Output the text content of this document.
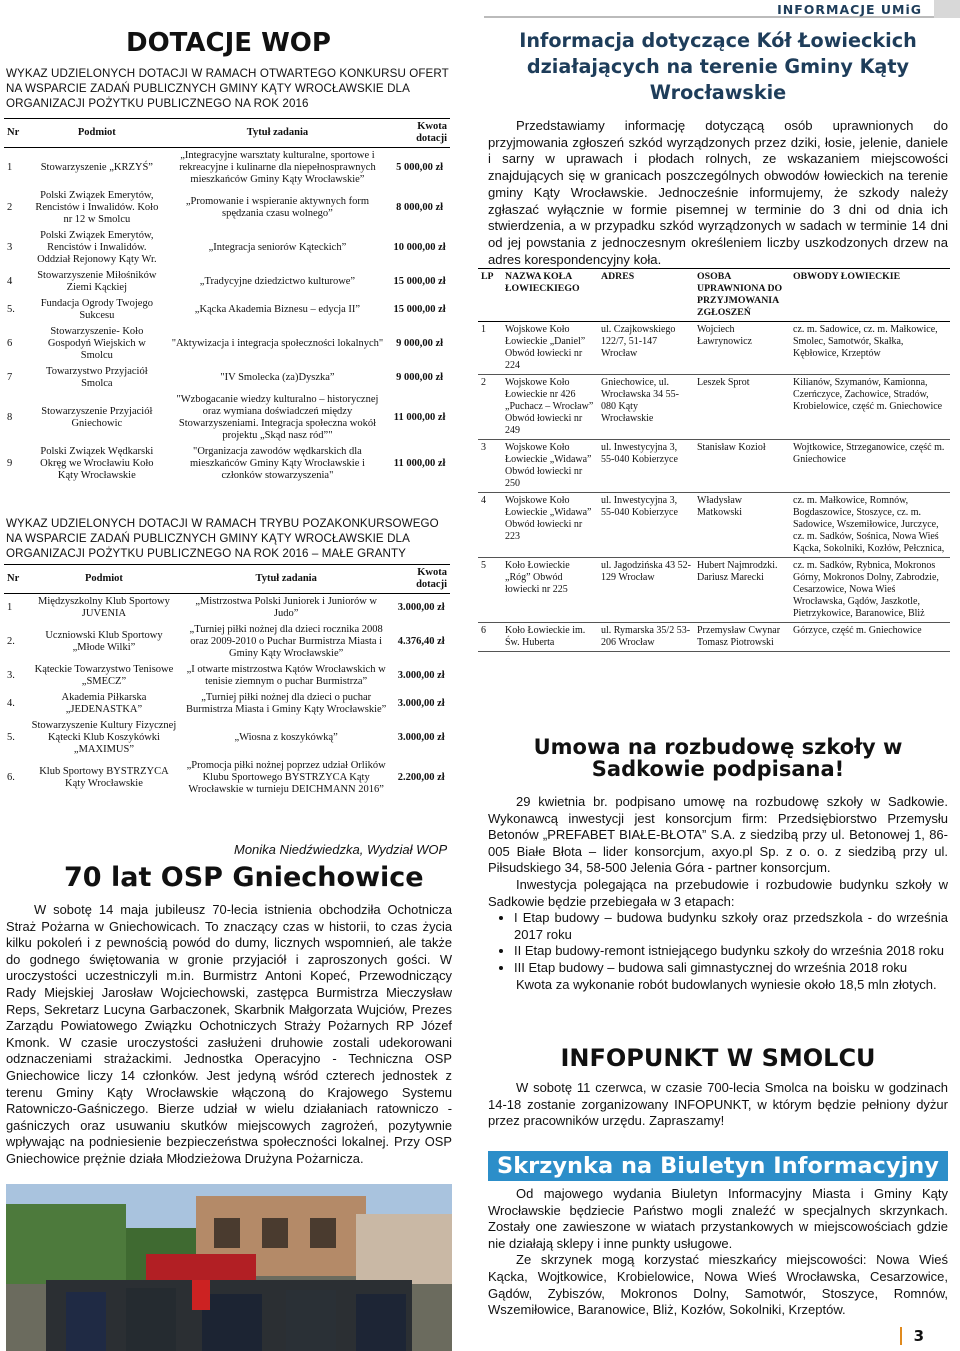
INFORMACJE UMiG
DOTACJE WOP
WYKAZ UDZIELONYCH DOTACJI W RAMACH OTWARTEGO KONKURSU OFERT NA WSPARCIE ZADAŃ PUBLICZNYCH GMINY KĄTY WROCŁAWSKIE DLA ORGANIZACJI POŻYTKU PUBLICZNEGO NA ROK 2016
Nr	Podmiot	Tytuł zadania	Kwota dotacji
1	Stowarzyszenie „KRZYŚ”	„Integracyjne warsztaty kulturalne, sportowe i rekreacyjne i kulinarne dla niepełnosprawnych mieszkańców Gminy Kąty Wrocławskie”	5 000,00 zł
2	Polski Związek Emerytów, Rencistów i Inwalidów. Koło nr 12 w Smolcu	„Promowanie i wspieranie aktywnych form spędzania czasu wolnego”	8 000,00 zł
3	Polski Związek Emerytów, Rencistów i Inwalidów. Oddział Rejonowy Kąty Wr.	„Integracja seniorów Kąteckich”	10 000,00 zł
4	Stowarzyszenie Miłośników Ziemi Kąckiej	„Tradycyjne dziedzictwo kulturowe”	15 000,00 zł
5.	Fundacja Ogrody Twojego Sukcesu	„Kącka Akademia Biznesu – edycja II”	15 000,00 zł
6	Stowarzyszenie- Koło Gospodyń Wiejskich w Smolcu	"Aktywizacja i integracja społeczności lokalnych"	9 000,00 zł
7	Towarzystwo Przyjaciół Smolca	"IV Smolecka (za)Dyszka”	9 000,00 zł
8	Stowarzyszenie Przyjaciół Gniechowic	"Wzbogacanie wiedzy kulturalno – historycznej oraz wymiana doświadczeń między Stowarzyszeniami. Integracja społeczna wokół projektu „Skąd nasz ród”"	11 000,00 zł
9	Polski Związek Wędkarski Okręg we Wrocławiu Koło Kąty Wrocławskie	"Organizacja zawodów wędkarskich dla mieszkańców Gminy Kąty Wrocławskie i członków stowarzyszenia"	11 000,00 zł
WYKAZ UDZIELONYCH DOTACJI W RAMACH TRYBU POZAKONKURSOWEGO NA WSPARCIE ZADAŃ PUBLICZNYCH GMINY KĄTY WROCŁAWSKIE DLA ORGANIZACJI POŻYTKU PUBLICZNEGO NA ROK 2016 – MAŁE GRANTY
Nr	Podmiot	Tytuł zadania	Kwota dotacji
1	Międzyszkolny Klub Sportowy JUVENIA	„Mistrzostwa Polski Juniorek i Juniorów w Judo”	3.000,00 zł
2.	Uczniowski Klub Sportowy „Młode Wilki”	„Turniej piłki nożnej dla dzieci rocznika 2008 oraz 2009-2010 o Puchar Burmistrza Miasta i Gminy Kąty Wrocławskie”	4.376,40 zł
3.	Kąteckie Towarzystwo Tenisowe „SMECZ”	„I otwarte mistrzostwa Kątów Wrocławskich w tenisie ziemnym o puchar Burmistrza”	3.000,00 zł
4.	Akademia Piłkarska „JEDENASTKA”	„Turniej piłki nożnej dla dzieci o puchar Burmistrza Miasta i Gminy Kąty Wrocławskie”	3.000,00 zł
5.	Stowarzyszenie Kultury Fizycznej Kątecki Klub Koszykówki „MAXIMUS”	„Wiosna z koszykówką”	3.000,00 zł
6.	Klub Sportowy BYSTRZYCA Kąty Wrocławskie	„Promocja piłki nożnej poprzez udział Orlików Klubu Sportowego BYSTRZYCA Kąty Wrocławskie w turnieju DEICHMANN 2016”	2.200,00 zł
Monika Niedźwiedzka, Wydział WOP
70 lat OSP Gniechowice

W sobotę 14 maja jubileusz 70-lecia istnienia obchodziła Ochotnicza Straż Pożarna w Gniechowicach. To znaczący czas w historii, to czas życia kilku pokoleń i z pewnością powód do dumy, licznych wspomnień, ale także do godnego świętowania w gronie przyjaciół i zaproszonych gości. W uroczystości uczestniczyli m.in. Burmistrz Antoni Kopeć, Przewodniczący Rady Miejskiej Jarosław Wojciechowski, zastępca Burmistrza Mieczysław Reps, Sekretarz Lucyna Garbaczonek, Skarbnik Małgorzata Wujciów, Prezes Zarządu Powiatowego Związku Ochotniczych Straży Pożarnych RP Józef Kmonk. W czasie uroczystości zasłużeni druhowie zostali udekorowani odznaczeniami strażackimi. Jednostka Operacyjno - Techniczna OSP Gniechowice liczy 14 członków. Jest jedyną wśród czterech jednostek z terenu Gminy Kąty Wrocławskie włączoną do Krajowego Systemu Ratowniczo-Gaśniczego. Bierze udział w wielu działaniach ratowniczo - gaśniczych oraz usuwaniu skutków miejscowych zagrożeń, pozytywnie wpływając na podniesienie bezpieczeństwa społeczności lokalnej. Przy OSP Gniechowice prężnie działa Młodzieżowa Drużyna Pożarnicza.

Informacja dotyczące Kół Łowieckich działających na terenie Gminy Kąty Wrocławskie

Przedstawiamy informację dotyczącą osób uprawnionych do przyjmowania zgłoszeń szkód wyrządzonych przez dziki, łosie, jelenie, daniele i sarny w uprawach i płodach rolnych, ze wskazaniem miejscowości znajdujących się w granicach poszczególnych obwodów łowieckich na terenie gminy Kąty Wrocławskie. Jednocześnie informujemy, że szkody należy zgłaszać wyłącznie w formie pisemnej w terminie do 3 dni od dnia ich stwierdzenia, a w przypadku szkód wyrządzonych w sadach w terminie 14 dni od jej powstania z jednoczesnym określeniem liczby uszkodzonych drzew na adres korespondencyjny koła.

LP	NAZWA KOŁA ŁOWIECKIEGO	ADRES	OSOBA UPRAWNIONA DO PRZYJMOWANIA ZGŁOSZEŃ	OBWODY ŁOWIECKIE
1	Wojskowe Koło Łowieckie „Daniel” Obwód łowiecki nr 224	ul. Czajkowskiego 122/7, 51-147 Wrocław	Wojciech Ławrynowicz	cz. m. Sadowice, cz. m. Małkowice, Smolec, Samotwór, Skałka, Kębłowice, Krzeptów
2	Wojskowe Koło Łowieckie nr 426 „Puchacz – Wrocław” Obwód łowiecki nr 249	Gniechowice, ul. Wrocławska 34 55-080 Kąty Wrocławskie	Leszek Sprot	Kilianów, Szymanów, Kamionna, Czerńczyce, Zachowice, Stradów, Krobielowice, część m. Gniechowice
3	Wojskowe Koło Łowieckie „Widawa” Obwód łowiecki nr 250	ul. Inwestycyjna 3, 55-040 Kobierzyce	Stanisław Kozioł	Wojtkowice, Strzeganowice, część m. Gniechowice
4	Wojskowe Koło Łowieckie „Widawa” Obwód łowiecki nr 223	ul. Inwestycyjna 3, 55-040 Kobierzyce	Władysław Matkowski	cz. m. Małkowice, Romnów, Bogdaszowice, Stoszyce, cz. m. Sadowice, Wszemiłowice, Jurczyce, cz. m. Sadków, Sośnica, Nowa Wieś Kącka, Sokolniki, Kozłów, Pełcznica,
5	Koło Łowieckie „Róg” Obwód łowiecki nr 225	ul. Jagodzińska 43 52-129 Wrocław	Hubert Najmrodzki. Dariusz Marecki	cz. m. Sadków, Rybnica, Mokronos Górny, Mokronos Dolny, Zabrodzie, Cesarzowice, Nowa Wieś Wrocławska, Gądów, Jaszkotle, Pietrzykowice, Baranowice, Bliż
6	Koło Łowieckie im. Św. Huberta	ul. Rymarska 35/2 53-206 Wrocław	Przemysław Cwynar Tomasz Piotrowski	Górzyce, część m. Gniechowice
Umowa na rozbudowę szkoły w Sadkowie podpisana!

29 kwietnia br. podpisano umowę na rozbudowę szkoły w Sadkowie. Wykonawcą inwestycji jest konsorcjum firm: Przedsiębiorstwo Przemysłu Betonów „PREFABET BIAŁE-BŁOTA” S.A. z siedzibą przy ul. Betonowej 1, 86-005 Białe Błota – lider konsorcjum, axyo.pl Sp. z o. o. z siedzibą przy ul. Piłsudskiego 34, 58-500 Jelenia Góra - partner konsorcjum.

Inwestycja polegająca na przebudowie i rozbudowie budynku szkoły w Sadkowie będzie przebiegała w 3 etapach:

• I Etap budowy – budowa budynku szkoły oraz przedszkola - do września 2017 roku
• II Etap budowy-remont istniejącego budynku szkoły do września 2018 roku
• III Etap budowy – budowa sali gimnastycznej do września 2018 roku

Kwota za wykonanie robót budowlanych wyniesie około 18,5 mln złotych.

INFOPUNKT W SMOLCU

W sobotę 11 czerwca, w czasie 700-lecia Smolca na boisku w godzinach 14-18 zostanie zorganizowany INFOPUNKT, w którym będzie pełniony dyżur przez pracowników urzędu. Zapraszamy!

Skrzynka na Biuletyn Informacyjny

Od majowego wydania Biuletyn Informacyjny Miasta i Gminy Kąty Wrocławskie będziecie Państwo mogli znaleźć w specjalnych skrzynkach. Zostały one zawieszone w wiatach przystankowych w miejscowościach gdzie nie działają sklepy i inne punkty usługowe.

Ze skrzynek mogą korzystać mieszkańcy miejscowości: Nowa Wieś Kącka, Wojtkowice, Krobielowice, Nowa Wieś Wrocławska, Cesarzowice, Gądów, Zybiszów, Mokronos Dolny, Samotwór, Stoszyce, Romnów, Wszemiłowice, Baranowice, Bliż, Kozłów, Sokolniki, Krzeptów.

3
